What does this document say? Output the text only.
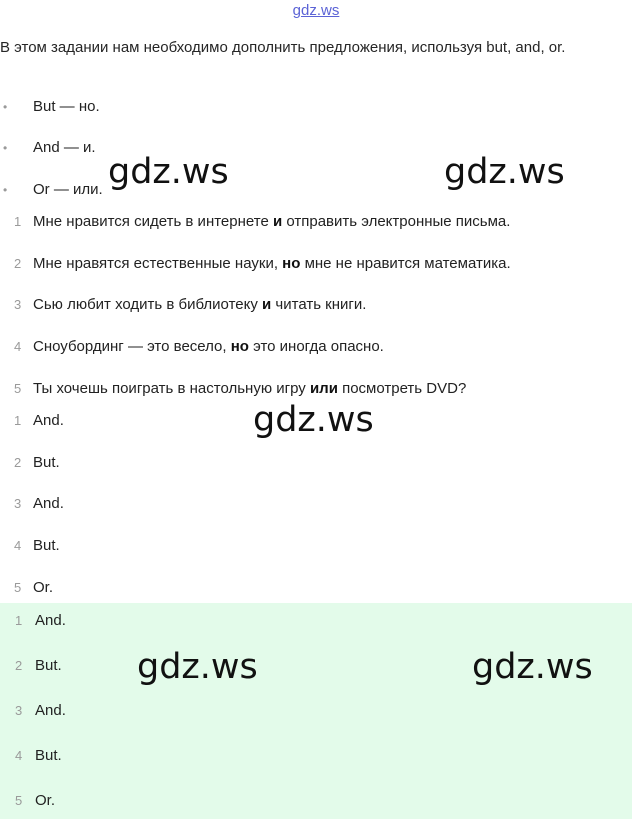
gdz.ws
В этом задании нам необходимо дополнить предложения, используя but, and, or.
• But — но.
• And — и.
• Or — или.
1 Мне нравится сидеть в интернете и отправить электронные письма.
2 Мне нравятся естественные науки, но мне не нравится математика.
3 Сью любит ходить в библиотеку и читать книги.
4 Сноубординг — это весело, но это иногда опасно.
5 Ты хочешь поиграть в настольную игру или посмотреть DVD?
1 And.
2 But.
3 And.
4 But.
5 Or.
1 And.
2 But.
3 And.
4 But.
5 Or.
gdz.ws	gdz.ws
gdz.ws
gdz.ws	gdz.ws
